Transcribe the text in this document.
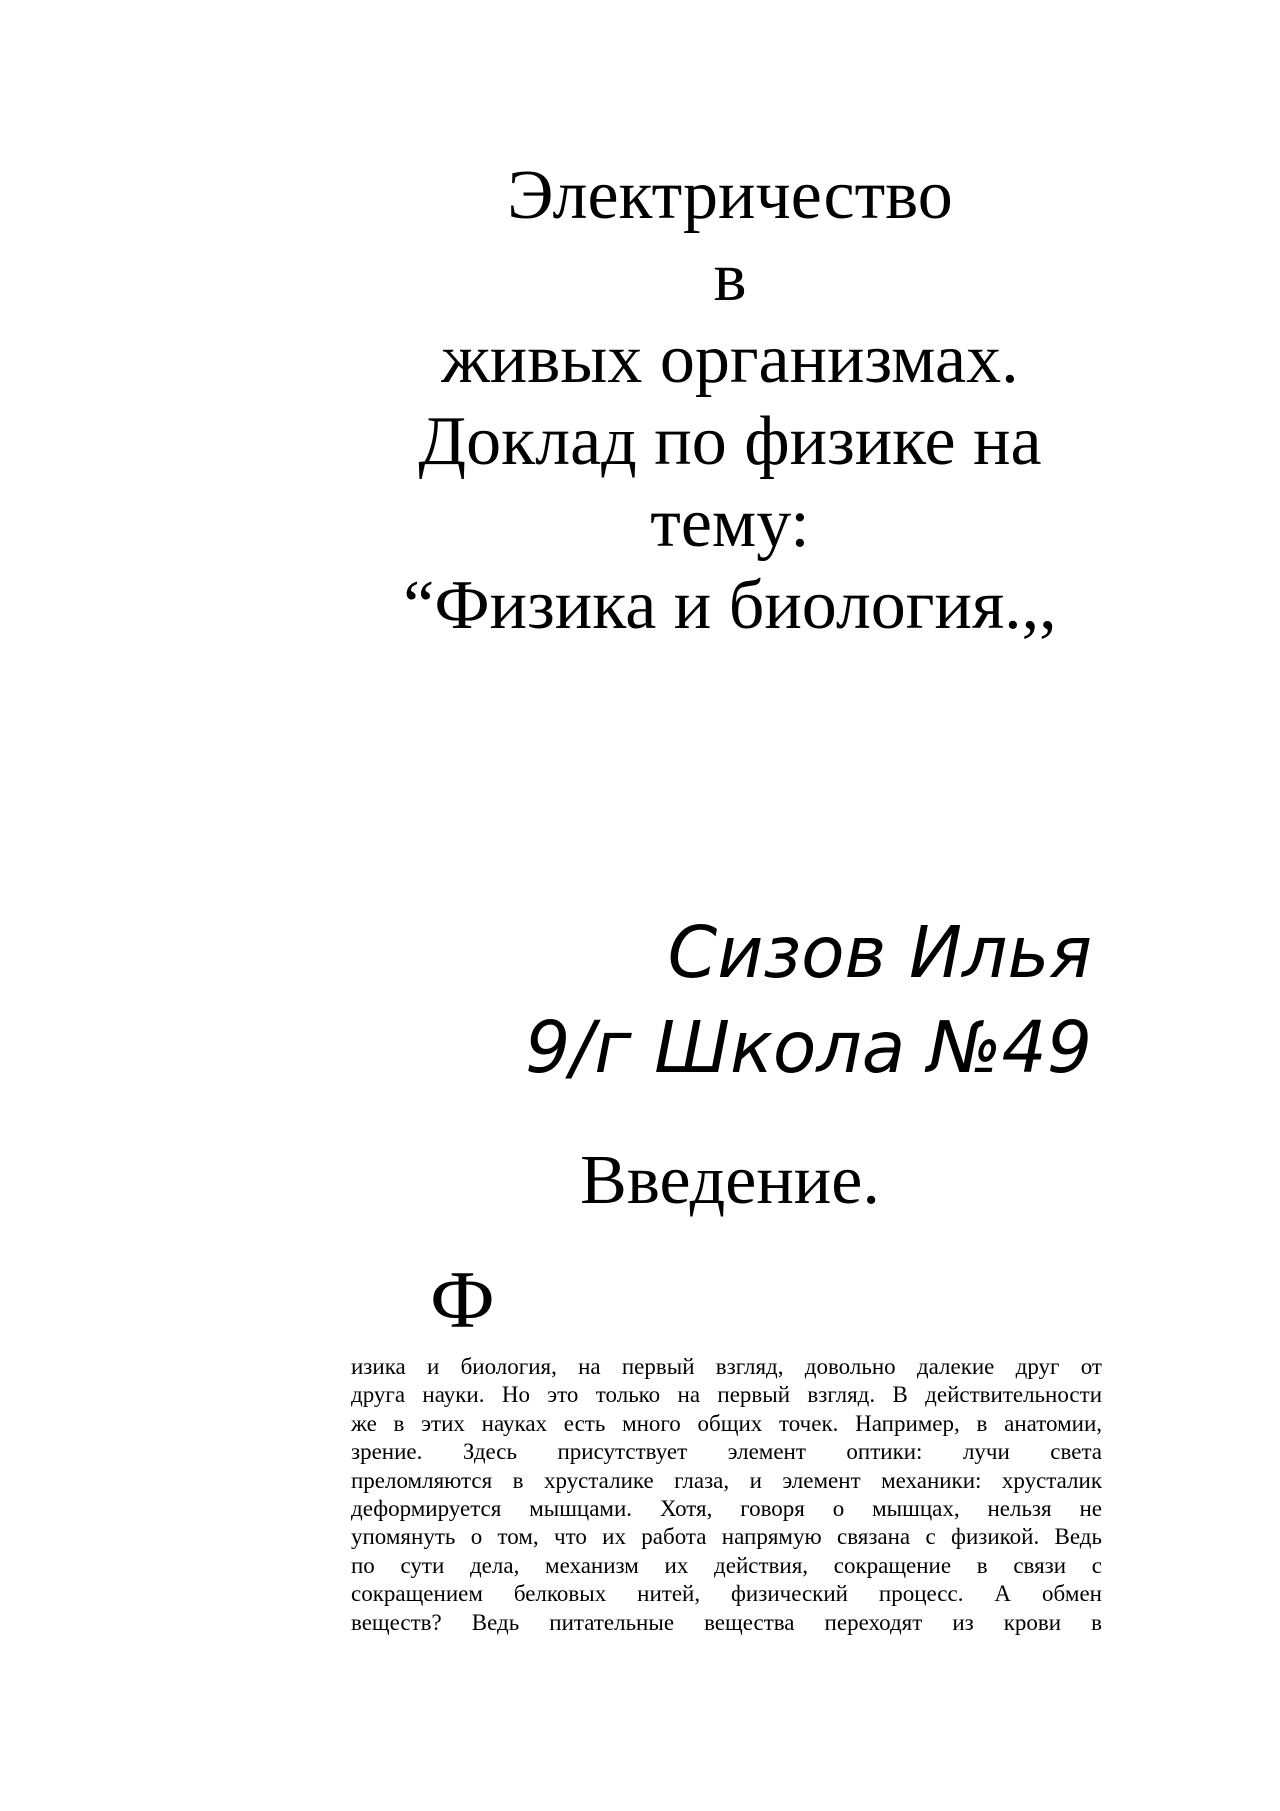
Электричество
в
живых организмах.
Доклад по физике на
тему:
“Физика и биология.,,
Сизов Илья
9/г Школа №49
Введение.
Ф
изика и биология, на первый взгляд, довольно далекие друг от
друга науки. Но это только на первый взгляд. В действительности
же в этих науках есть много общих точек. Например, в анатомии,
зрение. Здесь присутствует элемент оптики: лучи света
преломляются в хрусталике глаза, и элемент механики: хрусталик
деформируется мышцами. Хотя, говоря о мышцах, нельзя не
упомянуть о том, что их работа напрямую связана с физикой. Ведь
по сути дела, механизм их действия, сокращение в связи с
сокращением белковых нитей, физический процесс. А обмен
веществ? Ведь питательные вещества переходят из крови в
